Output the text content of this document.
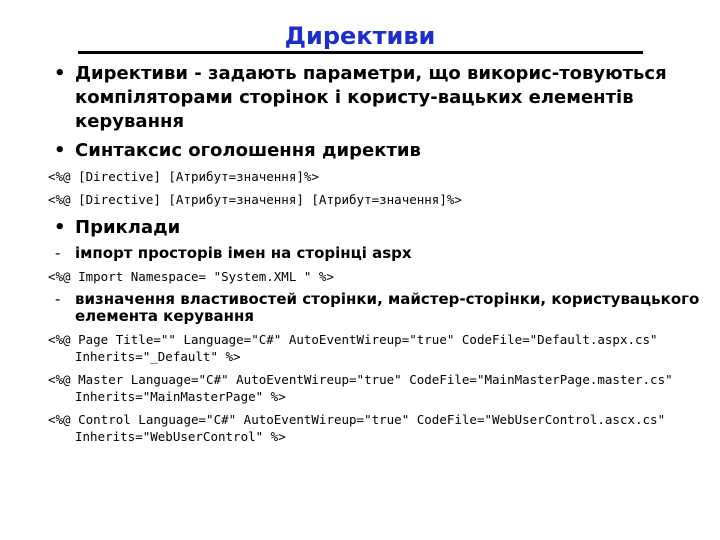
Директиви
• Директиви - задають параметри, що викорис-товуються компіляторами сторінок і користу-вацьких елементів керування
• Синтаксис оголошення директив
<%@ [Directive] [Атрибут=значення]%>
<%@ [Directive] [Атрибут=значення] [Атрибут=значення]%>
• Приклади
- імпорт просторів імен на сторінці aspx
<%@ Import Namespace= "System.XML " %>
- визначення властивостей сторінки, майстер-сторінки, користувацького елемента керування
<%@ Page Title="" Language="C#" AutoEventWireup="true" CodeFile="Default.aspx.cs" Inherits="_Default" %>
<%@ Master Language="C#" AutoEventWireup="true" CodeFile="MainMasterPage.master.cs" Inherits="MainMasterPage" %>
<%@ Control Language="C#" AutoEventWireup="true" CodeFile="WebUserControl.ascx.cs" Inherits="WebUserControl" %>
